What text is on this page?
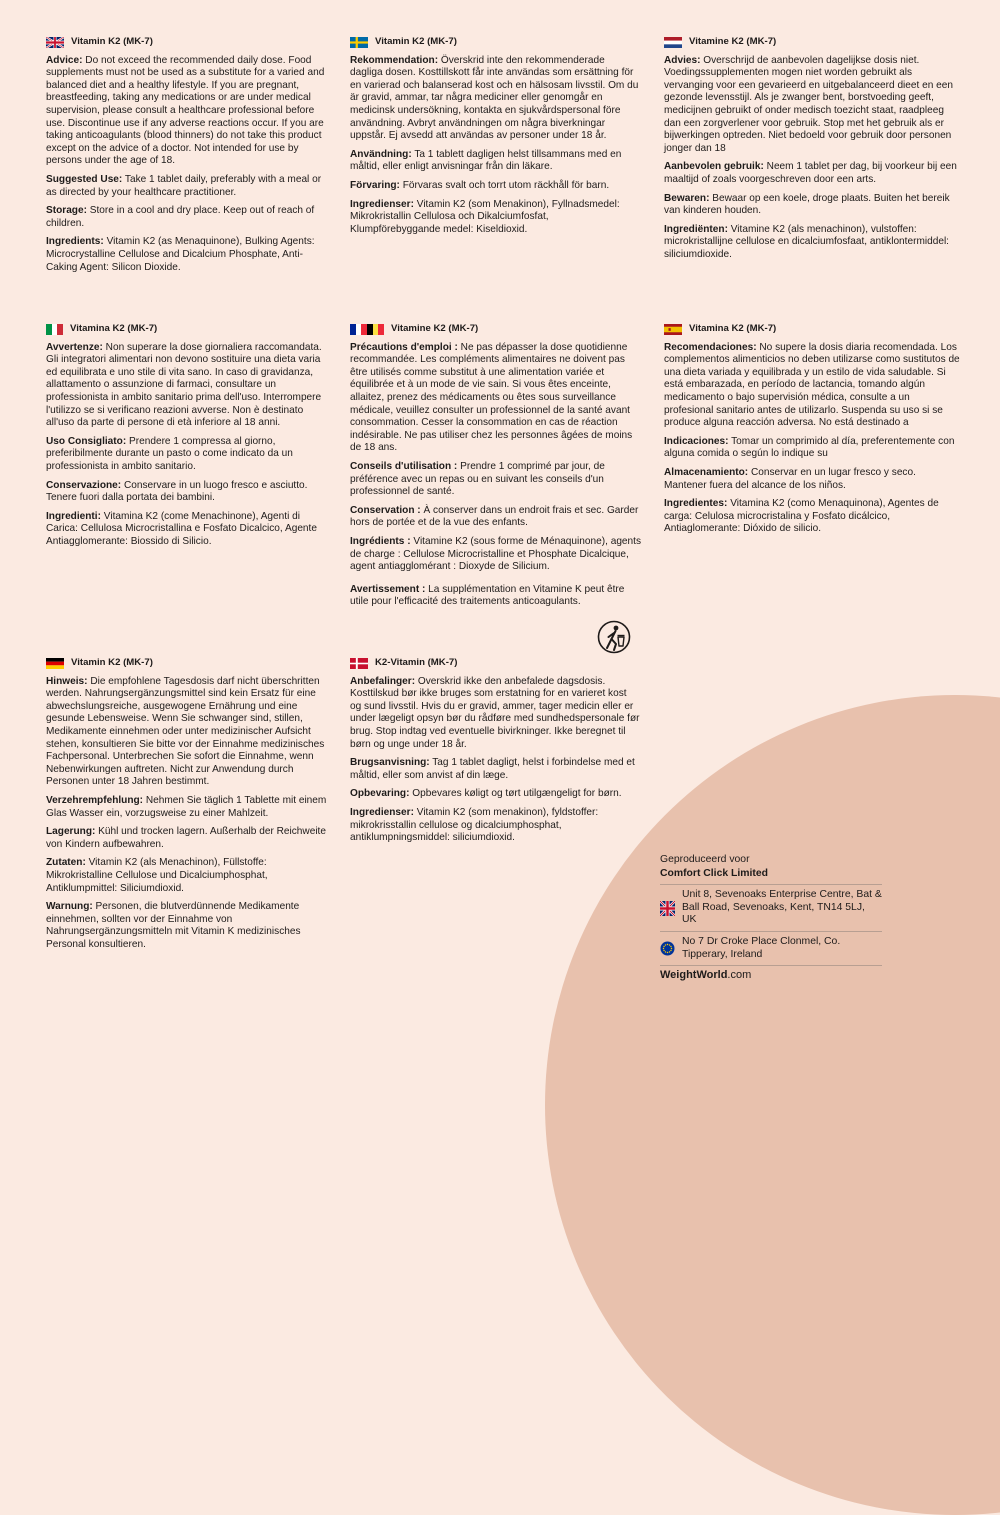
Vitamin K2 (MK-7)

Advice: Do not exceed the recommended daily dose. Food supplements must not be used as a substitute for a varied and balanced diet and a healthy lifestyle. If you are pregnant, breastfeeding, taking any medications or are under medical supervision, please consult a healthcare professional before use. Discontinue use if any adverse reactions occur. If you are taking anticoagulants (blood thinners) do not take this product except on the advice of a doctor. Not intended for use by persons under the age of 18.

Suggested Use: Take 1 tablet daily, preferably with a meal or as directed by your healthcare practitioner.

Storage: Store in a cool and dry place. Keep out of reach of children.

Ingredients: Vitamin K2 (as Menaquinone), Bulking Agents: Microcrystalline Cellulose and Dicalcium Phosphate, Anti-Caking Agent: Silicon Dioxide.

Vitamin K2 (MK-7)

Rekommendation: Överskrid inte den rekommenderade dagliga dosen. Kosttillskott får inte användas som ersättning för en varierad och balanserad kost och en hälsosam livsstil. Om du är gravid, ammar, tar några mediciner eller genomgår en medicinsk undersökning, kontakta en sjukvårdspersonal före användning. Avbryt användningen om några biverkningar uppstår. Ej avsedd att användas av personer under 18 år.

Användning: Ta 1 tablett dagligen helst tillsammans med en måltid, eller enligt anvisningar från din läkare.

Förvaring: Förvaras svalt och torrt utom räckhåll för barn.

Ingredienser: Vitamin K2 (som Menakinon), Fyllnadsmedel: Mikrokristallin Cellulosa och Dikalciumfosfat, Klumpförebyggande medel: Kiseldioxid.

Vitamine K2 (MK-7)

Advies: Overschrijd de aanbevolen dagelijkse dosis niet. Voedingssupplementen mogen niet worden gebruikt als vervanging voor een gevarieerd en uitgebalanceerd dieet en een gezonde levensstijl. Als je zwanger bent, borstvoeding geeft, medicijnen gebruikt of onder medisch toezicht staat, raadpleeg dan een zorgverlener voor gebruik. Stop met het gebruik als er bijwerkingen optreden. Niet bedoeld voor gebruik door personen jonger dan 18

Aanbevolen gebruik: Neem 1 tablet per dag, bij voorkeur bij een maaltijd of zoals voorgeschreven door een arts.

Bewaren: Bewaar op een koele, droge plaats. Buiten het bereik van kinderen houden.

Ingrediënten: Vitamine K2 (als menachinon), vulstoffen: microkristallijne cellulose en dicalciumfosfaat, antiklontermiddel: siliciumdioxide.

Vitamina K2 (MK-7)

Avvertenze: Non superare la dose giornaliera raccomandata. Gli integratori alimentari non devono sostituire una dieta varia ed equilibrata e uno stile di vita sano. In caso di gravidanza, allattamento o assunzione di farmaci, consultare un professionista in ambito sanitario prima dell'uso. Interrompere l'utilizzo se si verificano reazioni avverse. Non è destinato all'uso da parte di persone di età inferiore al 18 anni.

Uso Consigliato: Prendere 1 compressa al giorno, preferibilmente durante un pasto o come indicato da un professionista in ambito sanitario.

Conservazione: Conservare in un luogo fresco e asciutto. Tenere fuori dalla portata dei bambini.

Ingredienti: Vitamina K2 (come Menachinone), Agenti di Carica: Cellulosa Microcristallina e Fosfato Dicalcico, Agente Antiagglomerante: Biossido di Silicio.

Vitamine K2 (MK-7)

Précautions d'emploi : Ne pas dépasser la dose quotidienne recommandée. Les compléments alimentaires ne doivent pas être utilisés comme substitut à une alimentation variée et équilibrée et à un mode de vie sain. Si vous êtes enceinte, allaitez, prenez des médicaments ou êtes sous surveillance médicale, veuillez consulter un professionnel de la santé avant consommation. Cesser la consommation en cas de réaction indésirable. Ne pas utiliser chez les personnes âgées de moins de 18 ans.

Conseils d'utilisation : Prendre 1 comprimé par jour, de préférence avec un repas ou en suivant les conseils d'un professionnel de santé.

Conservation : À conserver dans un endroit frais et sec. Garder hors de portée et de la vue des enfants.

Ingrédients : Vitamine K2 (sous forme de Ménaquinone), agents de charge : Cellulose Microcristalline et Phosphate Dicalcique, agent antiagglomérant : Dioxyde de Silicium.

Avertissement : La supplémentation en Vitamine K peut être utile pour l'efficacité des traitements anticoagulants.

Vitamina K2 (MK-7)

Recomendaciones: No supere la dosis diaria recomendada. Los complementos alimenticios no deben utilizarse como sustitutos de una dieta variada y equilibrada y un estilo de vida saludable. Si está embarazada, en período de lactancia, tomando algún medicamento o bajo supervisión médica, consulte a un profesional sanitario antes de utilizarlo. Suspenda su uso si se produce alguna reacción adversa. No está destinado a

Indicaciones: Tomar un comprimido al día, preferentemente con alguna comida o según lo indique su

Almacenamiento: Conservar en un lugar fresco y seco. Mantener fuera del alcance de los niños.

Ingredientes: Vitamina K2 (como Menaquinona), Agentes de carga: Celulosa microcristalina y Fosfato dicálcico, Antiaglomerante: Dióxido de silicio.

Vitamin K2 (MK-7)

Hinweis: Die empfohlene Tagesdosis darf nicht überschritten werden. Nahrungsergänzungsmittel sind kein Ersatz für eine abwechslungsreiche, ausgewogene Ernährung und eine gesunde Lebensweise. Wenn Sie schwanger sind, stillen, Medikamente einnehmen oder unter medizinischer Aufsicht stehen, konsultieren Sie bitte vor der Einnahme medizinisches Fachpersonal. Unterbrechen Sie sofort die Einnahme, wenn Nebenwirkungen auftreten. Nicht zur Anwendung durch Personen unter 18 Jahren bestimmt.

Verzehrempfehlung: Nehmen Sie täglich 1 Tablette mit einem Glas Wasser ein, vorzugsweise zu einer Mahlzeit.

Lagerung: Kühl und trocken lagern. Außerhalb der Reichweite von Kindern aufbewahren.

Zutaten: Vitamin K2 (als Menachinon), Füllstoffe: Mikrokristalline Cellulose und Dicalciumphosphat, Antiklumpmittel: Siliciumdioxid.

Warnung: Personen, die blutverdünnende Medikamente einnehmen, sollten vor der Einnahme von Nahrungsergänzungsmitteln mit Vitamin K medizinisches Personal konsultieren.

K2-Vitamin (MK-7)

Anbefalinger: Overskrid ikke den anbefalede dagsdosis. Kosttilskud bør ikke bruges som erstatning for en varieret kost og sund livsstil. Hvis du er gravid, ammer, tager medicin eller er under lægeligt opsyn bør du rådføre med sundhedspersonale før brug. Stop indtag ved eventuelle bivirkninger. Ikke beregnet til børn og unge under 18 år.

Brugsanvisning: Tag 1 tablet dagligt, helst i forbindelse med et måltid, eller som anvist af din læge.

Opbevaring: Opbevares køligt og tørt utilgængeligt for børn.

Ingredienser: Vitamin K2 (som menakinon), fyldstoffer: mikrokrisstallin cellulose og dicalciumphosphat, antiklumpningsmiddel: siliciumdioxid.

Geproduceerd voor
Comfort Click Limited
Unit 8, Sevenoaks Enterprise Centre, Bat & Ball Road, Sevenoaks, Kent, TN14 5LJ, UK
No 7 Dr Croke Place Clonmel, Co. Tipperary, Ireland
WeightWorld.com
